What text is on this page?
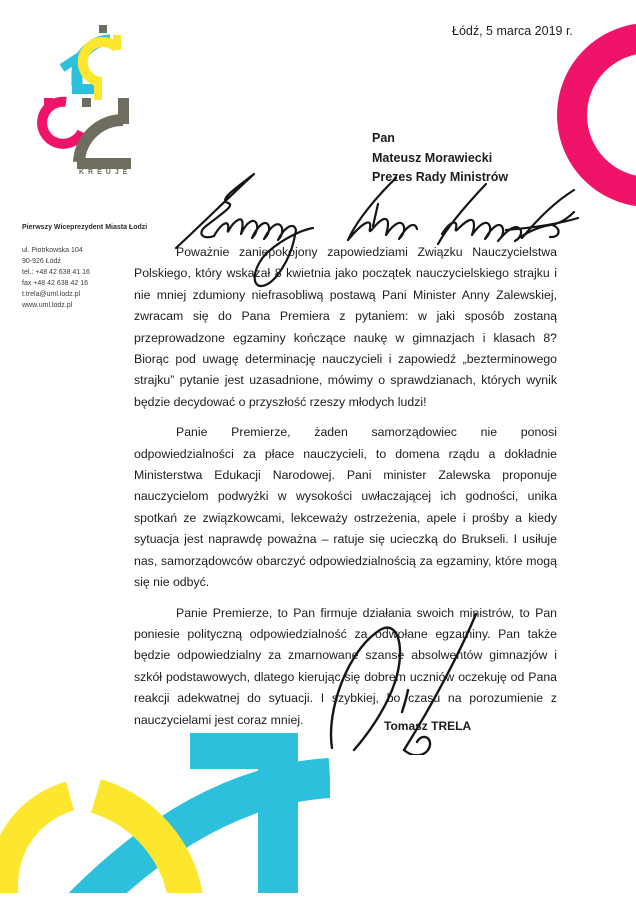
Łódź, 5 marca 2019 r.
KREUJE
Pierwszy Wiceprezydent Miasta Łodzi
ul. Piotrkowska 104
90-926 Łódź
tel.: +48 42 638 41 16
fax +48 42 638 42 16
t.trela@uml.lodz.pl
www.uml.lodz.pl
Pan
Mateusz Morawiecki
Prezes Rady Ministrów

Poważnie zaniepokojony zapowiedziami Związku Nauczycielstwa Polskiego, który wskazał 8 kwietnia jako początek nauczycielskiego strajku i nie mniej zdumiony niefrasobliwą postawą Pani Minister Anny Zalewskiej, zwracam się do Pana Premiera z pytaniem: w jaki sposób zostaną przeprowadzone egzaminy kończące naukę w gimnazjach i klasach 8? Biorąc pod uwagę determinację nauczycieli i zapowiedź „bezterminowego strajku” pytanie jest uzasadnione, mówimy o sprawdzianach, których wynik będzie decydować o przyszłość rzeszy młodych ludzi!

Panie Premierze, żaden samorządowiec nie ponosi odpowiedzialności za płace nauczycieli, to domena rządu a dokładnie Ministerstwa Edukacji Narodowej. Pani minister Zalewska proponuje nauczycielom podwyżki w wysokości uwłaczającej ich godności, unika spotkań ze związkowcami, lekceważy ostrzeżenia, apele i prośby a kiedy sytuacja jest naprawdę poważna – ratuje się ucieczką do Brukseli. I usiłuje nas, samorządowców obarczyć odpowiedzialnością za egzaminy, które mogą się nie odbyć.

Panie Premierze, to Pan firmuje działania swoich ministrów, to Pan poniesie polityczną odpowiedzialność za odwołane egzaminy. Pan także będzie odpowiedzialny za zmarnowane szanse absolwentów gimnazjów i szkół podstawowych, dlatego kierując się dobrem uczniów oczekuję od Pana reakcji adekwatnej do sytuacji. I szybkiej, bo czasu na porozumienie z nauczycielami jest coraz mniej.	Tomasz TRELA
